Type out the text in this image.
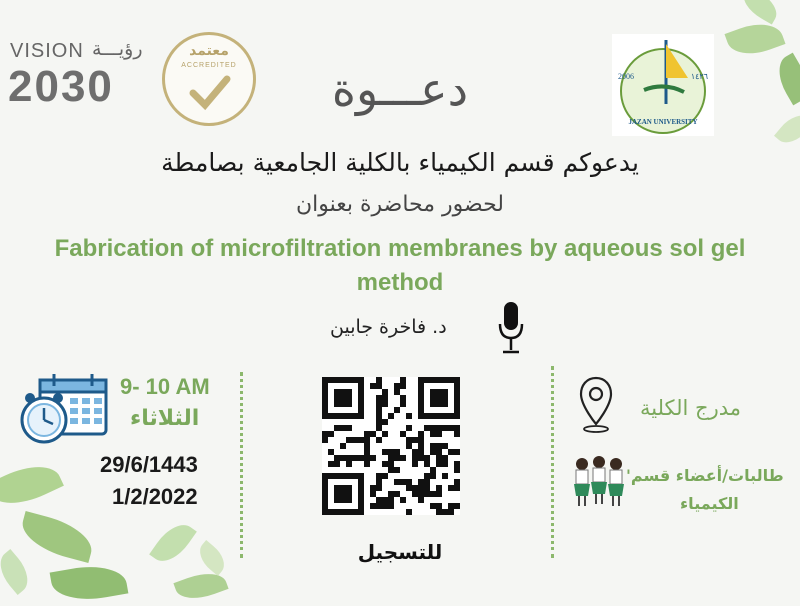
VISION رؤيـــة
2030
معتمد
ACCREDITED
2006	١٤٢٦
JAZAN UNIVERSITY
دعـــوة
يدعوكم قسم الكيمياء بالكلية الجامعية بصامطة
لحضور محاضرة بعنوان
Fabrication of microfiltration membranes by aqueous sol gel
method
د. فاخرة جابين
9- 10 AM
الثلاثاء
29/6/1443
1/2/2022
للتسجيل
مدرج الكلية
طالبات/أعضاء قسم'
الكيمياء
